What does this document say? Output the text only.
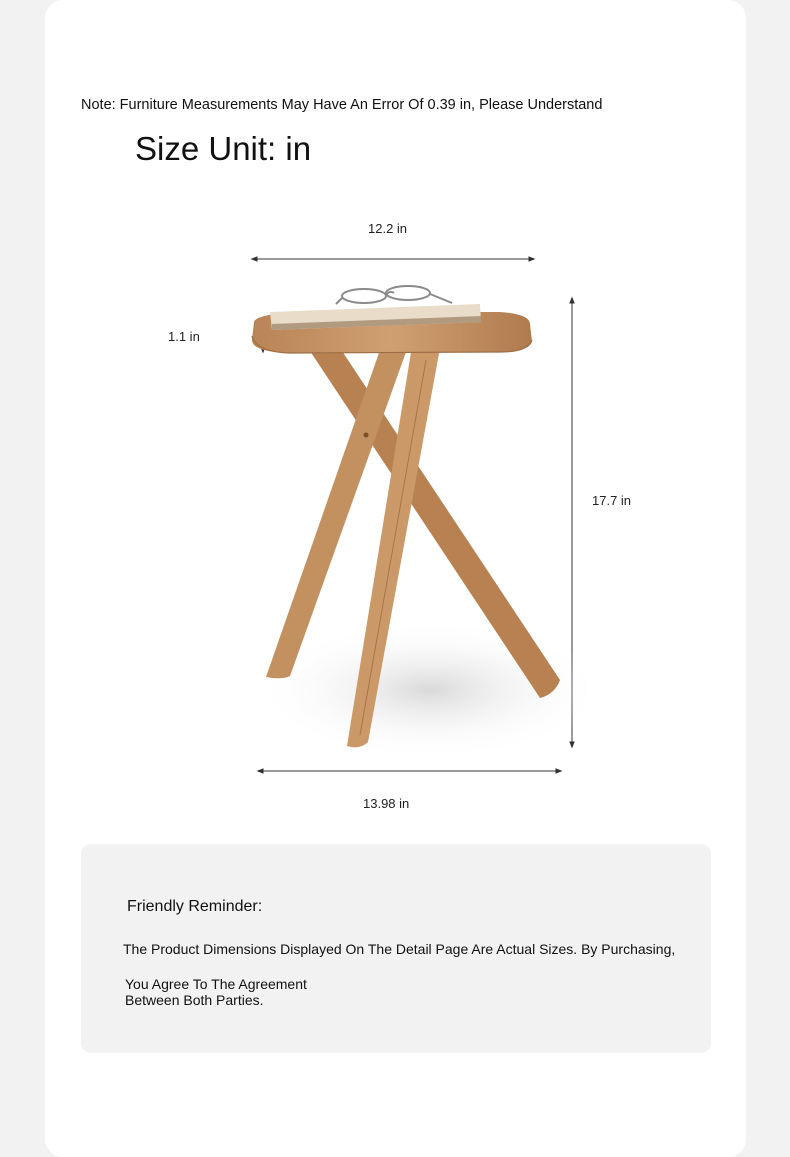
Note: Furniture Measurements May Have An Error Of 0.39 in, Please Understand
Size Unit: in
12.2 in
1.1 in
17.7 in
13.98 in
Friendly Reminder:
The Product Dimensions Displayed On The Detail Page Are Actual Sizes. By Purchasing,
You Agree To The Agreement
Between Both Parties.
